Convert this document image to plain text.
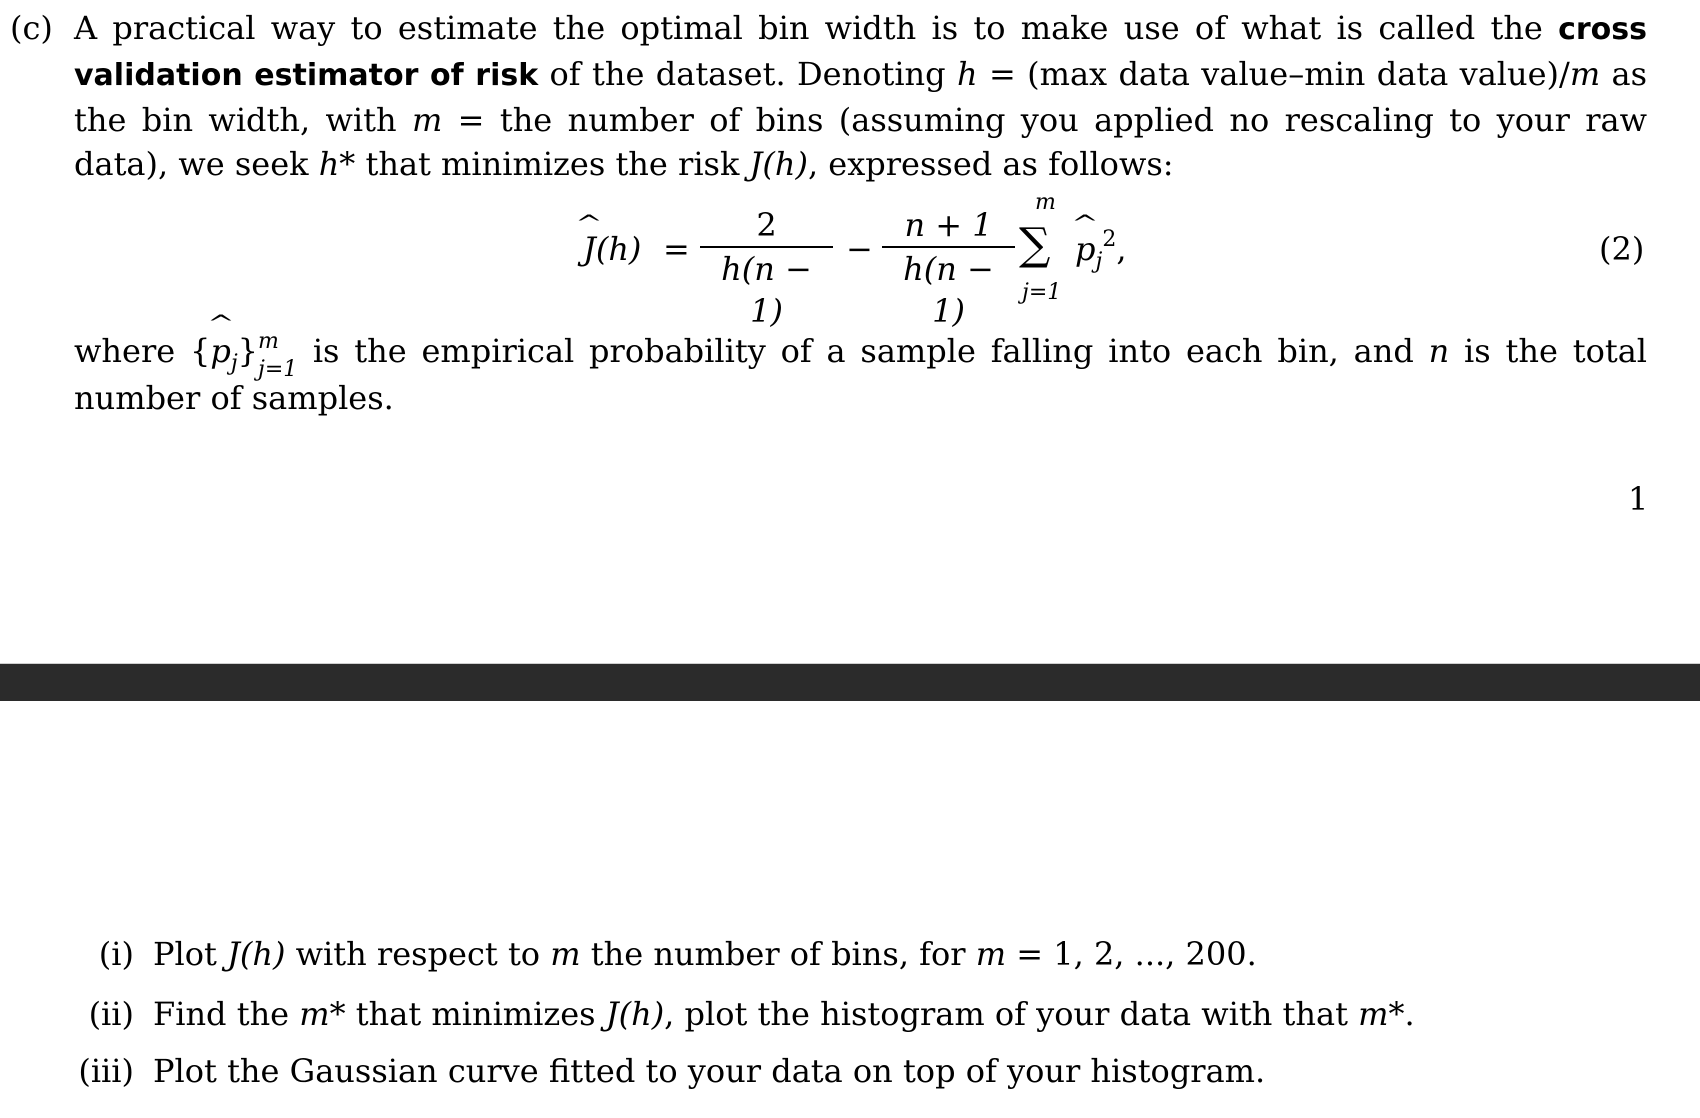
(c) A practical way to estimate the optimal bin width is to make use of what is called the cross validation estimator of risk of the dataset. Denoting h = (max data value–min data value)/m as the bin width, with m = the number of bins (assuming you applied no rescaling to your raw data), we seek h* that minimizes the risk J(h), expressed as follows:
^
J(h) =
2
h(n − 1)
−
n + 1
h(n − 1)
m
∑
j=1
^
$p_j^2$,	(2)
where {
^
$p_j$} m
j=1 is the empirical probability of a sample falling into each bin, and n is the total number of samples.
1
(i) Plot J(h) with respect to m the number of bins, for m = 1, 2, ..., 200.
(ii) Find the m* that minimizes J(h), plot the histogram of your data with that m*.
(iii) Plot the Gaussian curve fitted to your data on top of your histogram.
